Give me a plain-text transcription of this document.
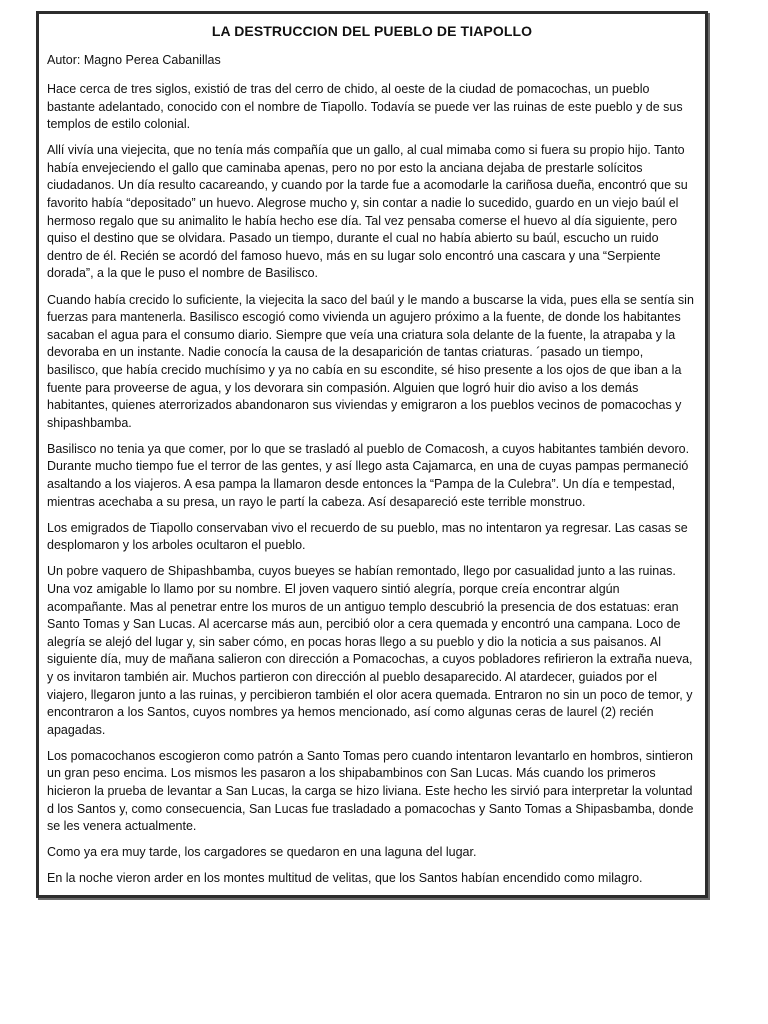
LA DESTRUCCION DEL PUEBLO DE TIAPOLLO
Autor: Magno Perea Cabanillas

Hace cerca de tres siglos, existió de tras del cerro de chido, al oeste de la ciudad de pomacochas, un pueblo bastante adelantado, conocido con el nombre de Tiapollo. Todavía se puede ver las ruinas de este pueblo y de sus templos de estilo colonial.

Allí vivía una viejecita, que no tenía más compañía que un gallo, al cual mimaba como si fuera su propio hijo. Tanto había envejeciendo el gallo que caminaba apenas, pero no por esto la anciana dejaba de prestarle solícitos ciudadanos. Un día resulto cacareando, y cuando por la tarde fue a acomodarle la cariñosa dueña, encontró que su favorito había “depositado” un huevo. Alegrose mucho y, sin contar a nadie lo sucedido, guardo en un viejo baúl el hermoso regalo que su animalito le había hecho ese día. Tal vez pensaba comerse el huevo al día siguiente, pero quiso el destino que se olvidara. Pasado un tiempo, durante el cual no había abierto su baúl, escucho un ruido dentro de él. Recién se acordó del famoso huevo, más en su lugar solo encontró una cascara y una “Serpiente dorada”, a la que le puso el nombre de Basilisco.

Cuando había crecido lo suficiente, la viejecita la saco del baúl y le mando a buscarse la vida, pues ella se sentía sin fuerzas para mantenerla. Basilisco escogió como vivienda un agujero próximo a la fuente, de donde los habitantes sacaban el agua para el consumo diario. Siempre que veía una criatura sola delante de la fuente, la atrapaba y la devoraba en un instante. Nadie conocía la causa de la desaparición de tantas criaturas. ´pasado un tiempo, basilisco, que había crecido muchísimo y ya no cabía en su escondite, sé hiso presente a los ojos de que iban a la fuente para proveerse de agua, y los devorara sin compasión. Alguien que logró huir dio aviso a los demás habitantes, quienes aterrorizados abandonaron sus viviendas y emigraron a los pueblos vecinos de pomacochas y shipashbamba.

Basilisco no tenia ya que comer, por lo que se trasladó al pueblo de Comacosh, a cuyos habitantes también devoro. Durante mucho tiempo fue el terror de las gentes, y así llego asta Cajamarca, en una de cuyas pampas permaneció asaltando a los viajeros. A esa pampa la llamaron desde entonces la “Pampa de la Culebra”. Un día e tempestad, mientras acechaba a su presa, un rayo le partí la cabeza. Así desapareció este terrible monstruo.

Los emigrados de Tiapollo conservaban vivo el recuerdo de su pueblo, mas no intentaron ya regresar. Las casas se desplomaron y los arboles ocultaron el pueblo.

Un pobre vaquero de Shipashbamba, cuyos bueyes se habían remontado, llego por casualidad junto a las ruinas. Una voz amigable lo llamo por su nombre. El joven vaquero sintió alegría, porque creía encontrar algún acompañante. Mas al penetrar entre los muros de un antiguo templo descubrió la presencia de dos estatuas: eran Santo Tomas y San Lucas. Al acercarse más aun, percibió olor a cera quemada y encontró una campana. Loco de alegría se alejó del lugar y, sin saber cómo, en pocas horas llego a su pueblo y dio la noticia a sus paisanos. Al siguiente día, muy de mañana salieron con dirección a Pomacochas, a cuyos pobladores refirieron la extraña nueva, y os invitaron también air. Muchos partieron con dirección al pueblo desaparecido. Al atardecer, guiados por el viajero, llegaron junto a las ruinas, y percibieron también el olor acera quemada. Entraron no sin un poco de temor, y encontraron a los Santos, cuyos nombres ya hemos mencionado, así como algunas ceras de laurel (2) recién apagadas.

Los pomacochanos escogieron como patrón a Santo Tomas pero cuando intentaron levantarlo en hombros, sintieron un gran peso encima. Los mismos les pasaron a los shipabambinos con San Lucas. Más cuando los primeros hicieron la prueba de levantar a San Lucas, la carga se hizo liviana. Este hecho les sirvió para interpretar la voluntad d los Santos y, como consecuencia, San Lucas fue trasladado a pomacochas y Santo Tomas a Shipasbamba, donde se les venera actualmente.

Como ya era muy tarde, los cargadores se quedaron en una laguna del lugar.

En la noche vieron arder en los montes multitud de velitas, que los Santos habían encendido como milagro.
